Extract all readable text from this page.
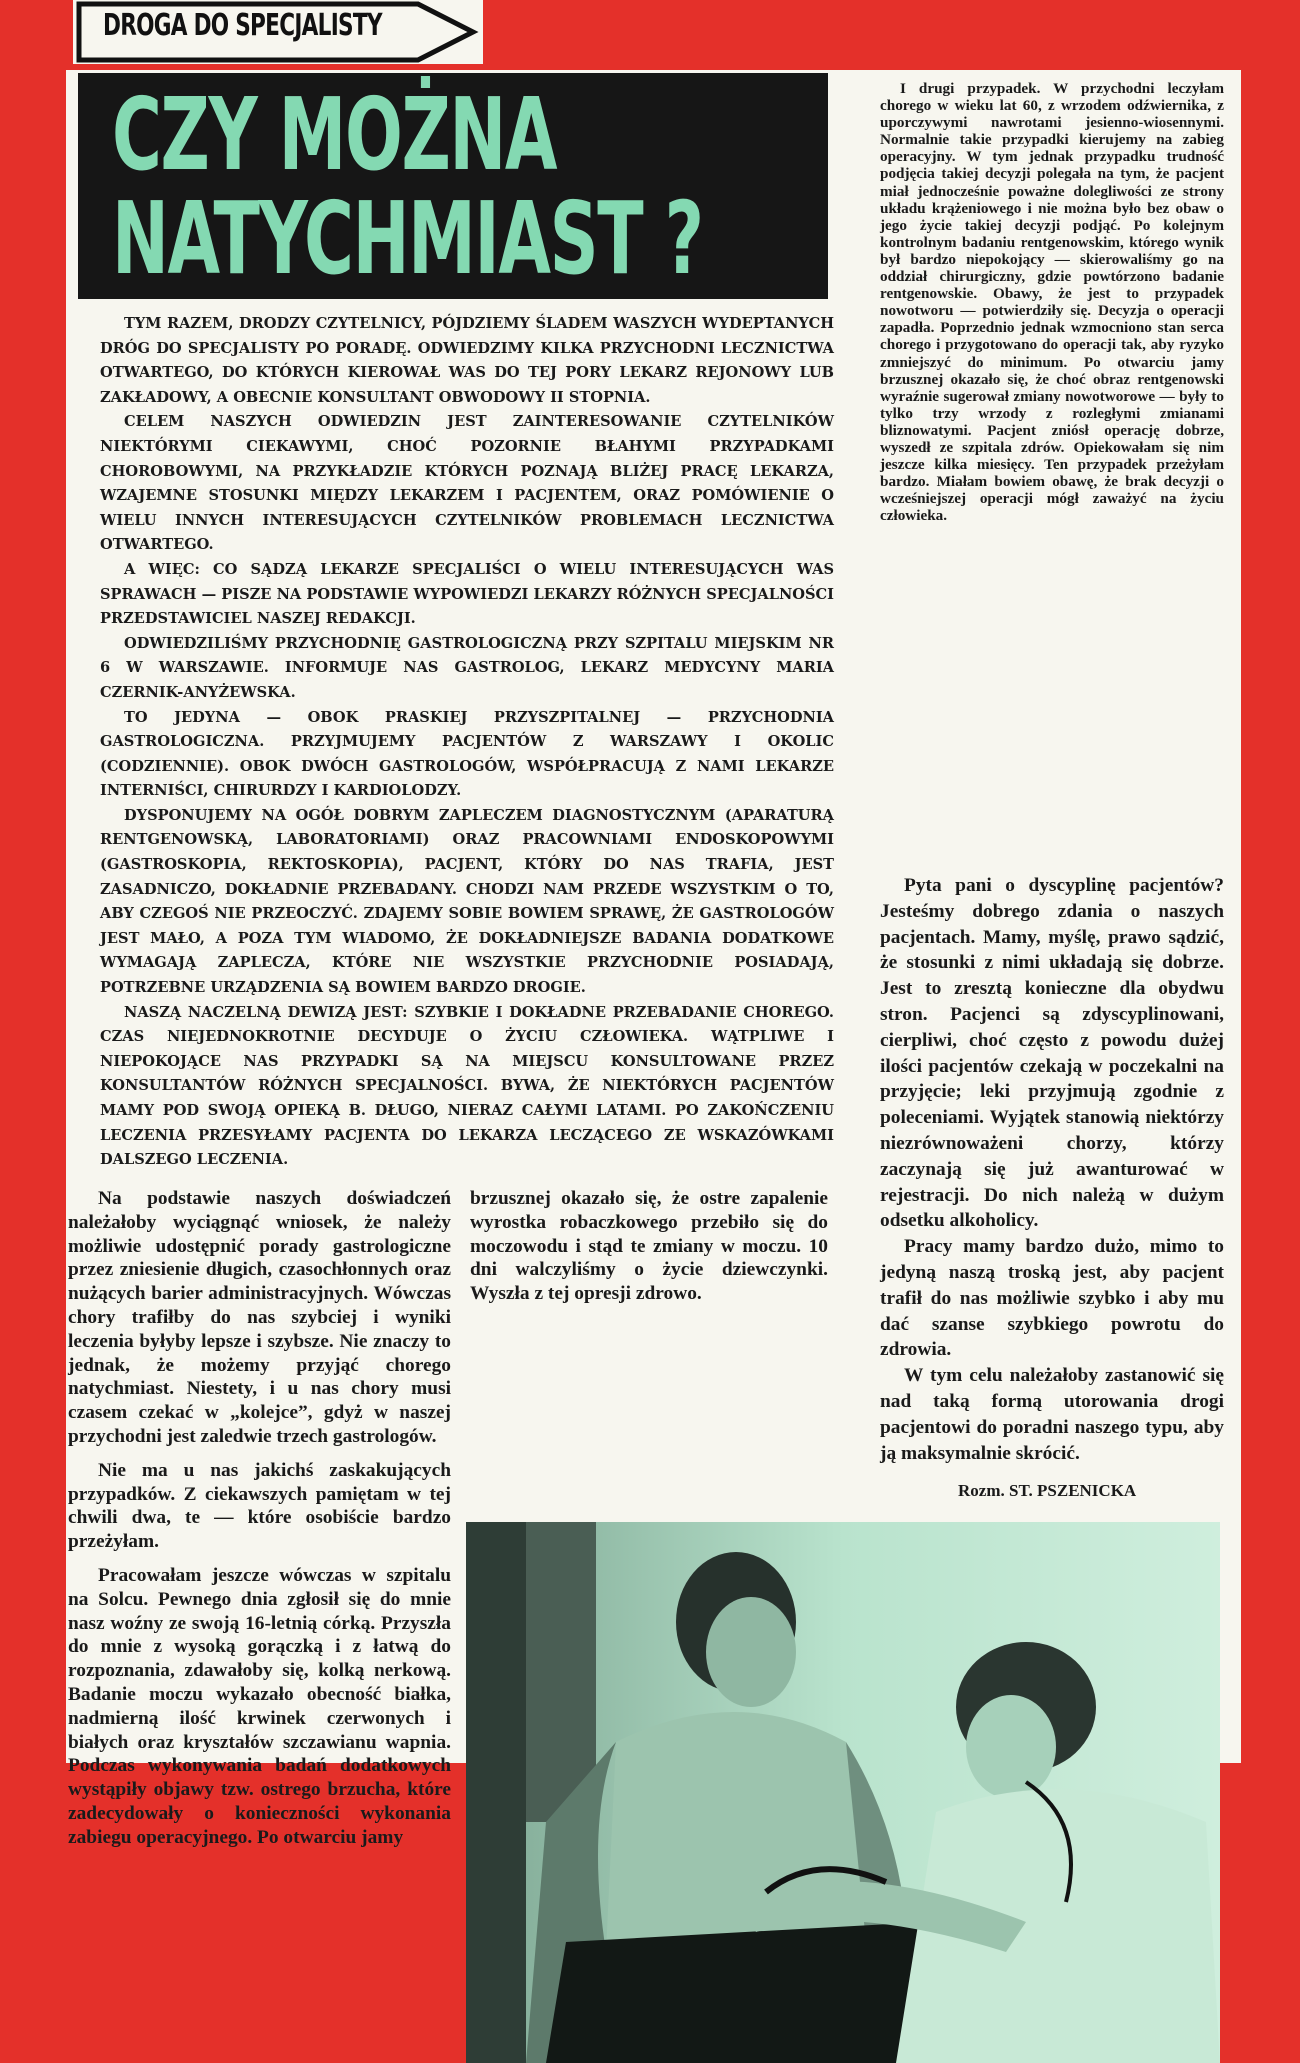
DROGA DO SPECJALISTY
CZY MOŻNA
NATYCHMIAST ?

TYM RAZEM, DRODZY CZYTELNICY, PÓJDZIEMY ŚLADEM WASZYCH WYDEPTANYCH DRÓG DO SPECJALISTY PO PORADĘ. ODWIEDZIMY KILKA PRZYCHODNI LECZNICTWA OTWARTEGO, DO KTÓRYCH KIEROWAŁ WAS DO TEJ PORY LEKARZ REJONOWY LUB ZAKŁADOWY, A OBECNIE KONSULTANT OBWODOWY II STOPNIA.

CELEM NASZYCH ODWIEDZIN JEST ZAINTERESOWANIE CZYTELNIKÓW NIEKTÓRYMI CIEKAWYMI, CHOĆ POZORNIE BŁAHYMI PRZYPADKAMI CHOROBOWYMI, NA PRZYKŁADZIE KTÓRYCH POZNAJĄ BLIŻEJ PRACĘ LEKARZA, WZAJEMNE STOSUNKI MIĘDZY LEKARZEM I PACJENTEM, ORAZ POMÓWIENIE O WIELU INNYCH INTERESUJĄCYCH CZYTELNIKÓW PROBLEMACH LECZNICTWA OTWARTEGO.

A WIĘC: CO SĄDZĄ LEKARZE SPECJALIŚCI O WIELU INTERESUJĄCYCH WAS SPRAWACH — PISZE NA PODSTAWIE WYPOWIEDZI LEKARZY RÓŻNYCH SPECJALNOŚCI PRZEDSTAWICIEL NASZEJ REDAKCJI.

ODWIEDZILIŚMY PRZYCHODNIĘ GASTROLOGICZNĄ PRZY SZPITALU MIEJSKIM NR 6 W WARSZAWIE. INFORMUJE NAS GASTROLOG, LEKARZ MEDYCYNY MARIA CZERNIK-ANYŻEWSKA.

TO JEDYNA — OBOK PRASKIEJ PRZYSZPITALNEJ — PRZYCHODNIA GASTROLOGICZNA. PRZYJMUJEMY PACJENTÓW Z WARSZAWY I OKOLIC (CODZIENNIE). OBOK DWÓCH GASTROLOGÓW, WSPÓŁPRACUJĄ Z NAMI LEKARZE INTERNIŚCI, CHIRURDZY I KARDIOLODZY.

DYSPONUJEMY NA OGÓŁ DOBRYM ZAPLECZEM DIAGNOSTYCZNYM (APARATURĄ RENTGENOWSKĄ, LABORATORIAMI) ORAZ PRACOWNIAMI ENDOSKOPOWYMI (GASTROSKOPIA, REKTOSKOPIA), PACJENT, KTÓRY DO NAS TRAFIA, JEST ZASADNICZO, DOKŁADNIE PRZEBADANY. CHODZI NAM PRZEDE WSZYSTKIM O TO, ABY CZEGOŚ NIE PRZEOCZYĆ. ZDAJEMY SOBIE BOWIEM SPRAWĘ, ŻE GASTROLOGÓW JEST MAŁO, A POZA TYM WIADOMO, ŻE DOKŁADNIEJSZE BADANIA DODATKOWE WYMAGAJĄ ZAPLECZA, KTÓRE NIE WSZYSTKIE PRZYCHODNIE POSIADAJĄ, POTRZEBNE URZĄDZENIA SĄ BOWIEM BARDZO DROGIE.

NASZĄ NACZELNĄ DEWIZĄ JEST: SZYBKIE I DOKŁADNE PRZEBADANIE CHOREGO. CZAS NIEJEDNOKROTNIE DECYDUJE O ŻYCIU CZŁOWIEKA. WĄTPLIWE I NIEPOKOJĄCE NAS PRZYPADKI SĄ NA MIEJSCU KONSULTOWANE PRZEZ KONSULTANTÓW RÓŻNYCH SPECJALNOŚCI. BYWA, ŻE NIEKTÓRYCH PACJENTÓW MAMY POD SWOJĄ OPIEKĄ B. DŁUGO, NIERAZ CAŁYMI LATAMI. PO ZAKOŃCZENIU LECZENIA PRZESYŁAMY PACJENTA DO LEKARZA LECZĄCEGO ZE WSKAZÓWKAMI DALSZEGO LECZENIA.

I drugi przypadek. W przychodni leczyłam chorego w wieku lat 60, z wrzodem odźwiernika, z uporczywymi nawrotami jesienno-wiosennymi. Normalnie takie przypadki kierujemy na zabieg operacyjny. W tym jednak przypadku trudność podjęcia takiej decyzji polegała na tym, że pacjent miał jednocześnie poważne dolegliwości ze strony układu krążeniowego i nie można było bez obaw o jego życie takiej decyzji podjąć. Po kolejnym kontrolnym badaniu rentgenowskim, którego wynik był bardzo niepokojący — skierowaliśmy go na oddział chirurgiczny, gdzie powtórzono badanie rentgenowskie. Obawy, że jest to przypadek nowotworu — potwierdziły się. Decyzja o operacji zapadła. Poprzednio jednak wzmocniono stan serca chorego i przygotowano do operacji tak, aby ryzyko zmniejszyć do minimum. Po otwarciu jamy brzusznej okazało się, że choć obraz rentgenowski wyraźnie sugerował zmiany nowotworowe — były to tylko trzy wrzody z rozległymi zmianami bliznowatymi. Pacjent zniósł operację dobrze, wyszedł ze szpitala zdrów. Opiekowałam się nim jeszcze kilka miesięcy. Ten przypadek przeżyłam bardzo. Miałam bowiem obawę, że brak decyzji o wcześniejszej operacji mógł zaważyć na życiu człowieka.

Pyta pani o dyscyplinę pacjentów? Jesteśmy dobrego zdania o naszych pacjentach. Mamy, myślę, prawo sądzić, że stosunki z nimi układają się dobrze. Jest to zresztą konieczne dla obydwu stron. Pacjenci są zdyscyplinowani, cierpliwi, choć często z powodu dużej ilości pacjentów czekają w poczekalni na przyjęcie; leki przyjmują zgodnie z poleceniami. Wyjątek stanowią niektórzy niezrównoważeni chorzy, którzy zaczynają się już awanturować w rejestracji. Do nich należą w dużym odsetku alkoholicy.

Pracy mamy bardzo dużo, mimo to jedyną naszą troską jest, aby pacjent trafił do nas możliwie szybko i aby mu dać szanse szybkiego powrotu do zdrowia.

W tym celu należałoby zastanowić się nad taką formą utorowania drogi pacjentowi do poradni naszego typu, aby ją maksymalnie skrócić.

Rozm. ST. PSZENICKA

Na podstawie naszych doświadczeń należałoby wyciągnąć wniosek, że należy możliwie udostępnić porady gastrologiczne przez zniesienie długich, czasochłonnych oraz nużących barier administracyjnych. Wówczas chory trafiłby do nas szybciej i wyniki leczenia byłyby lepsze i szybsze. Nie znaczy to jednak, że możemy przyjąć chorego natychmiast. Niestety, i u nas chory musi czasem czekać w „kolejce”, gdyż w naszej przychodni jest zaledwie trzech gastrologów.

Nie ma u nas jakichś zaskakujących przypadków. Z ciekawszych pamiętam w tej chwili dwa, te — które osobiście bardzo przeżyłam.

Pracowałam jeszcze wówczas w szpitalu na Solcu. Pewnego dnia zgłosił się do mnie nasz woźny ze swoją 16-letnią córką. Przyszła do mnie z wysoką gorączką i z łatwą do rozpoznania, zdawałoby się, kolką nerkową. Badanie moczu wykazało obecność białka, nadmierną ilość krwinek czerwonych i białych oraz kryształów szczawianu wapnia. Podczas wykonywania badań dodatkowych wystąpiły objawy tzw. ostrego brzucha, które zadecydowały o konieczności wykonania zabiegu operacyjnego. Po otwarciu jamy

brzusznej okazało się, że ostre zapalenie wyrostka robaczkowego przebiło się do moczowodu i stąd te zmiany w moczu. 10 dni walczyliśmy o życie dziewczynki. Wyszła z tej opresji zdrowo.
